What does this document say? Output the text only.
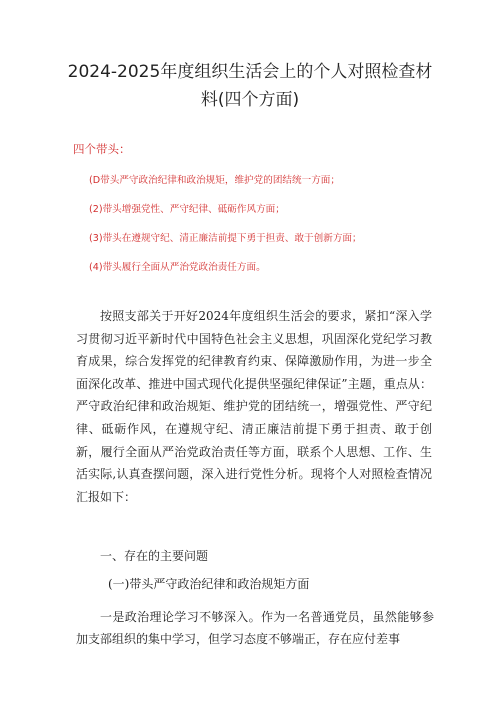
2024-2025年度组织生活会上的个人对照检查材
料(四个方面)
四个带头：
(D带头严守政治纪律和政治规矩，维护党的团结统一方面；
(2)带头增强党性、严守纪律、砥砺作风方面；
(3)带头在遵规守纪、清正廉洁前提下勇于担责、敢于创新方面；
(4)带头履行全面从严治党政治责任方面。
按照支部关于开好2024年度组织生活会的要求，紧扣“深入学习贯彻习近平新时代中国特色社会主义思想，巩固深化党纪学习教育成果，综合发挥党的纪律教育约束、保障激励作用，为进一步全面深化改革、推进中国式现代化提供坚强纪律保证”主题，重点从：严守政治纪律和政治规矩、维护党的团结统一，增强党性、严守纪律、砥砺作风，在遵规守纪、清正廉洁前提下勇于担责、敢于创新，履行全面从严治党政治责任等方面，联系个人思想、工作、生活实际,认真查摆问题，深入进行党性分析。现将个人对照检查情况汇报如下：
一、存在的主要问题
(一)带头严守政治纪律和政治规矩方面
一是政治理论学习不够深入。作为一名普通党员，虽然能够参加支部组织的集中学习，但学习态度不够端正，存在应付差事
